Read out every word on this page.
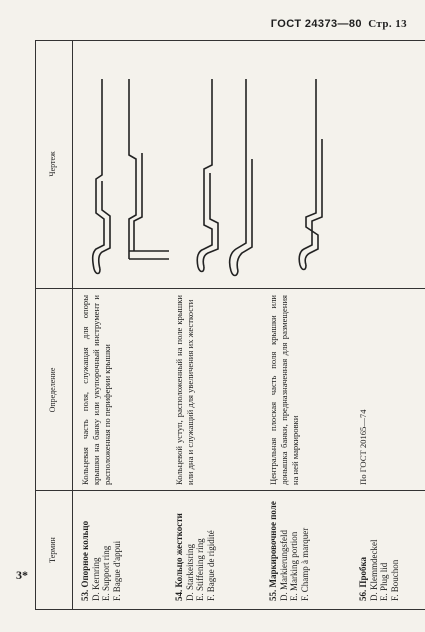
ГОСТ 24373—80 Стр. 13
3*
Термин
Определение
Чертеж
53. Опорное кольцо
D. Kernring
E. Support ring
F. Bague d'appui
Кольцевая часть поля, служащая для опоры крышки на банку или укупорочный инструмент и расположенная по периферии крышки
54. Кольцо жесткости
D. Starkeitsring
E. Stiffening ring
F. Bague de rigidité
Кольцевой уступ, расположенный на поле крышки или дна и служащий для увеличения их жесткости
55. Маркировочное поле
D. Markierungsfeld
E. Marking portion
F. Champ à marquer
Центральная плоская часть поля крышки или донышка банки, предназначенная для размещения на ней маркировки
56. Пробка
D. Klemmdeckel
E. Plug lid
F. Bouchon
По ГОСТ 20165—74
